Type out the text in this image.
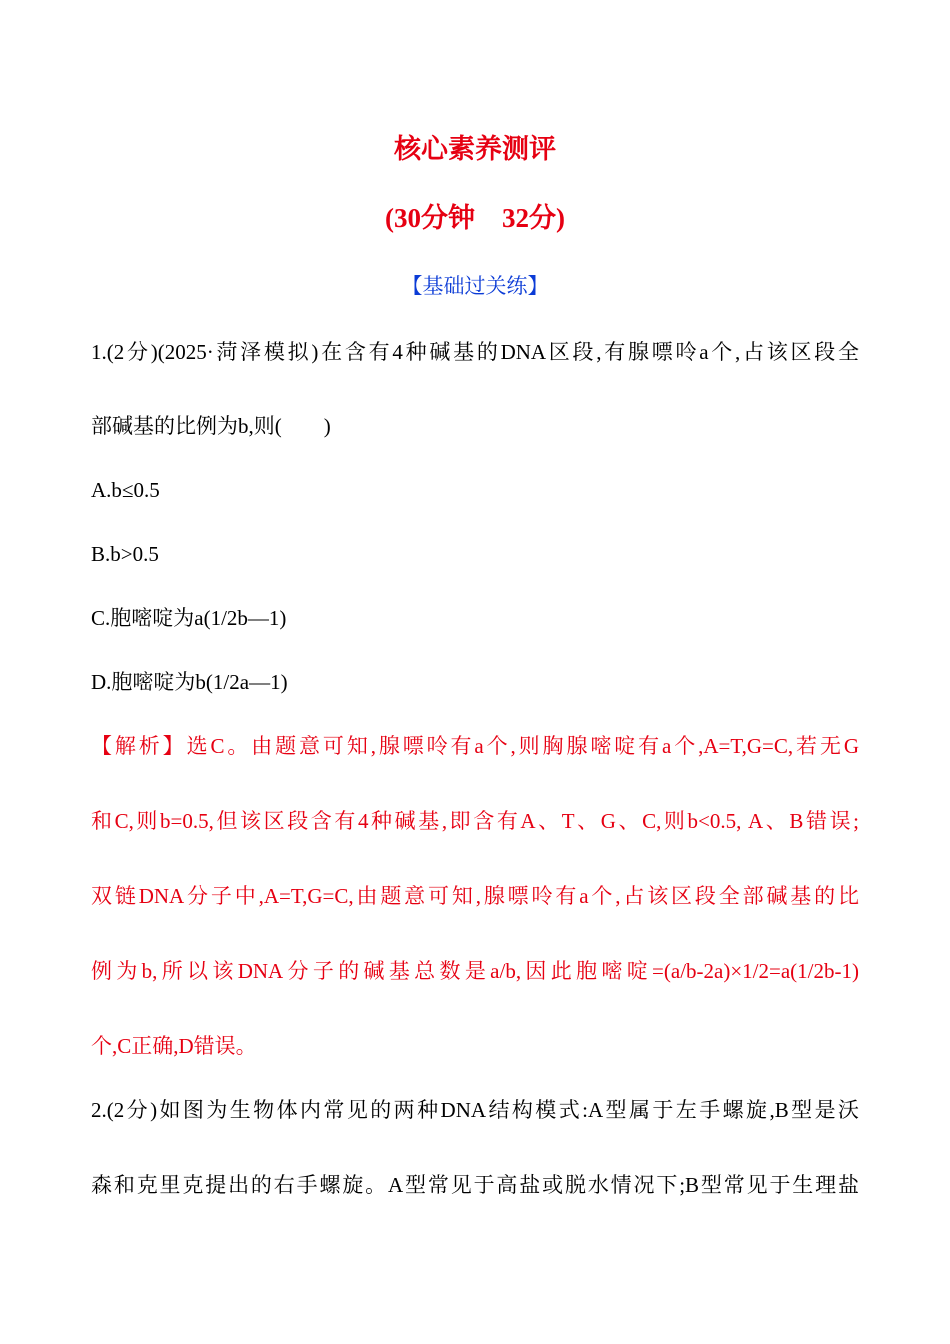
核心素养测评
(30分钟　32分)
【基础过关练】
1.(2分)(2025·菏泽模拟)在含有4种碱基的DNA区段,有腺嘌呤a个,占该区段全
部碱基的比例为b,则(　　)
A.b≤0.5
B.b>0.5
C.胞嘧啶为a(1/2b—1)
D.胞嘧啶为b(1/2a—1)
【解析】选C。由题意可知,腺嘌呤有a个,则胸腺嘧啶有a个,A=T,G=C,若无G
和C,则b=0.5,但该区段含有4种碱基,即含有A、T、G、C,则b<0.5, A、B错误;
双链DNA分子中,A=T,G=C,由题意可知,腺嘌呤有a个,占该区段全部碱基的比
例为b,所以该DNA分子的碱基总数是a/b,因此胞嘧啶=(a/b-2a)×1/2=a(1/2b-1)
个,C正确,D错误。
2.(2分)如图为生物体内常见的两种DNA结构模式:A型属于左手螺旋,B型是沃
森和克里克提出的右手螺旋。A型常见于高盐或脱水情况下;B型常见于生理盐
